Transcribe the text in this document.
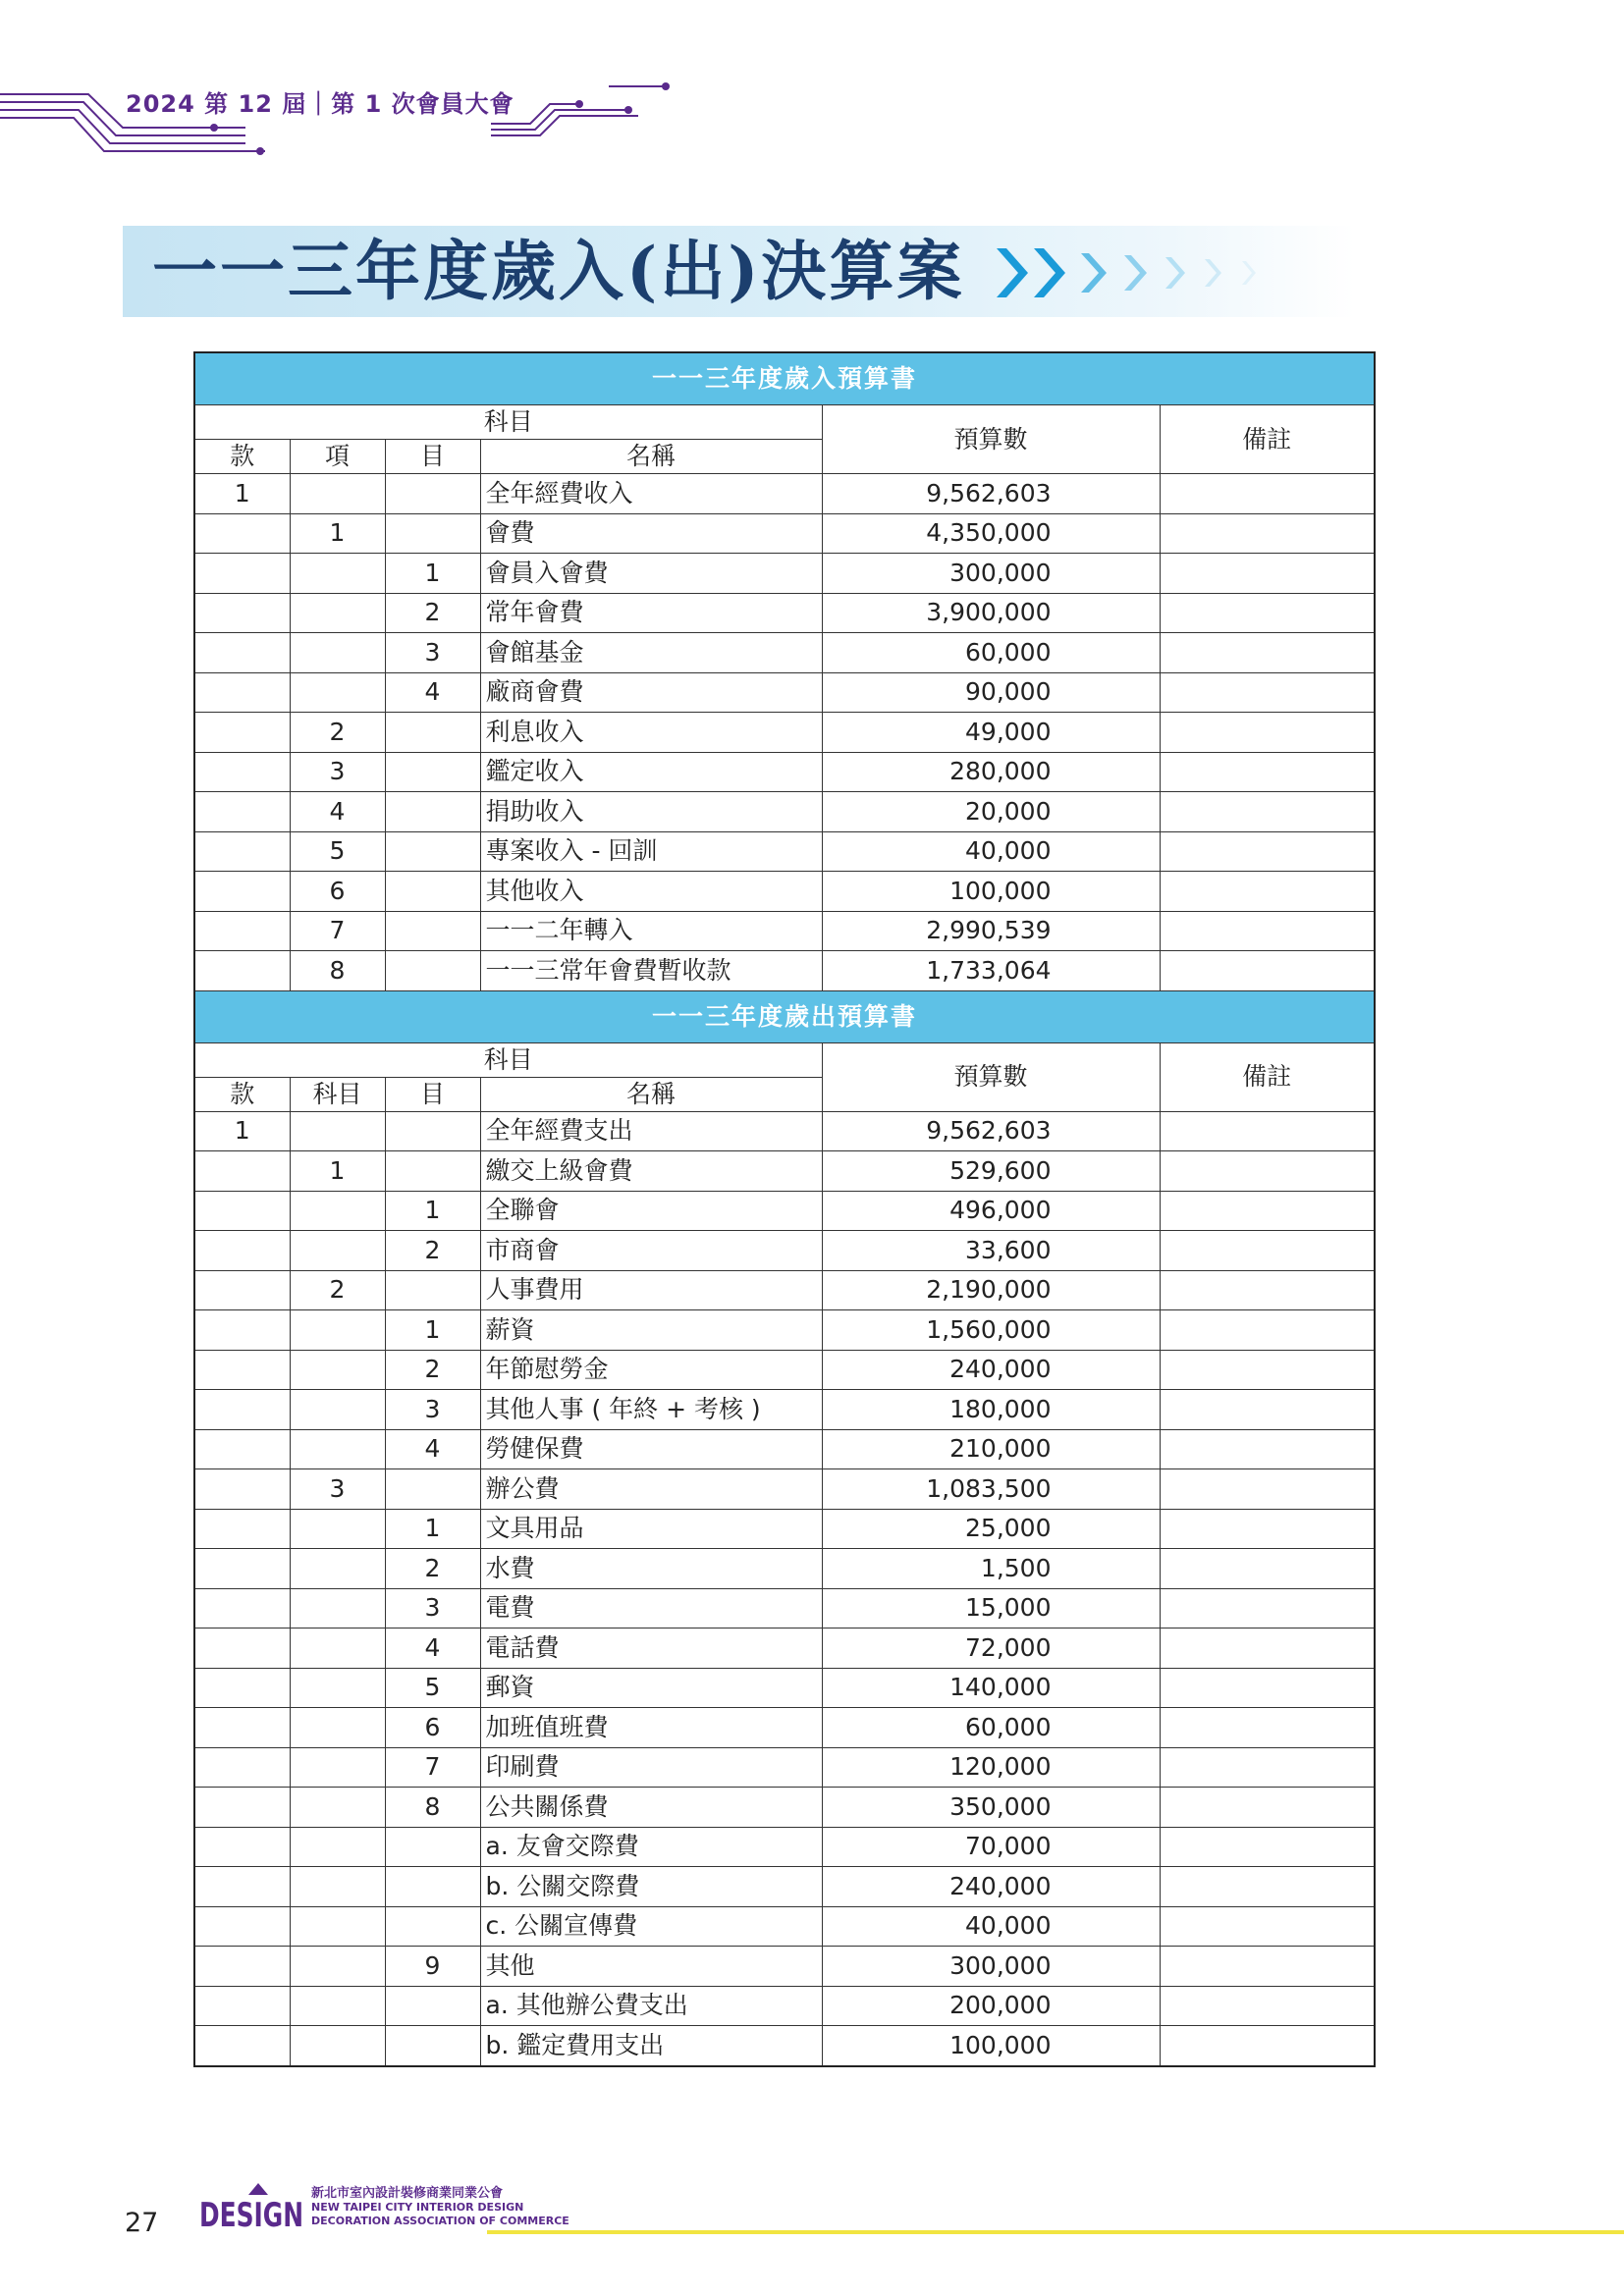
2024 第 12 屆｜第 1 次會員大會
一一三年度歲入(出)決算案
一一三年度歲入預算書					
科目				預算數	備註
款	項	目	名稱		
1			全年經費收入	9,562,603	
	1		會費	4,350,000	
		1	會員入會費	300,000	
		2	常年會費	3,900,000	
		3	會館基金	60,000	
		4	廠商會費	90,000	
	2		利息收入	49,000	
	3		鑑定收入	280,000	
	4		捐助收入	20,000	
	5		專案收入 - 回訓	40,000	
	6		其他收入	100,000	
	7		一一二年轉入	2,990,539	
	8		一一三常年會費暫收款	1,733,064	
一一三年度歲出預算書					
科目				預算數	備註
款	科目	目	名稱		
1			全年經費支出	9,562,603	
	1		繳交上級會費	529,600	
		1	全聯會	496,000	
		2	市商會	33,600	
	2		人事費用	2,190,000	
		1	薪資	1,560,000	
		2	年節慰勞金	240,000	
		3	其他人事 ( 年終 + 考核 )	180,000	
		4	勞健保費	210,000	
	3		辦公費	1,083,500	
		1	文具用品	25,000	
		2	水費	1,500	
		3	電費	15,000	
		4	電話費	72,000	
		5	郵資	140,000	
		6	加班值班費	60,000	
		7	印刷費	120,000	
		8	公共關係費	350,000	
			a. 友會交際費	70,000	
			b. 公關交際費	240,000	
			c. 公關宣傳費	40,000	
		9	其他	300,000	
			a. 其他辦公費支出	200,000	
			b. 鑑定費用支出	100,000	
27 DESIGN
新北市室內設計裝修商業同業公會
NEW TAIPEI CITY INTERIOR DESIGN
DECORATION ASSOCIATION OF COMMERCE
